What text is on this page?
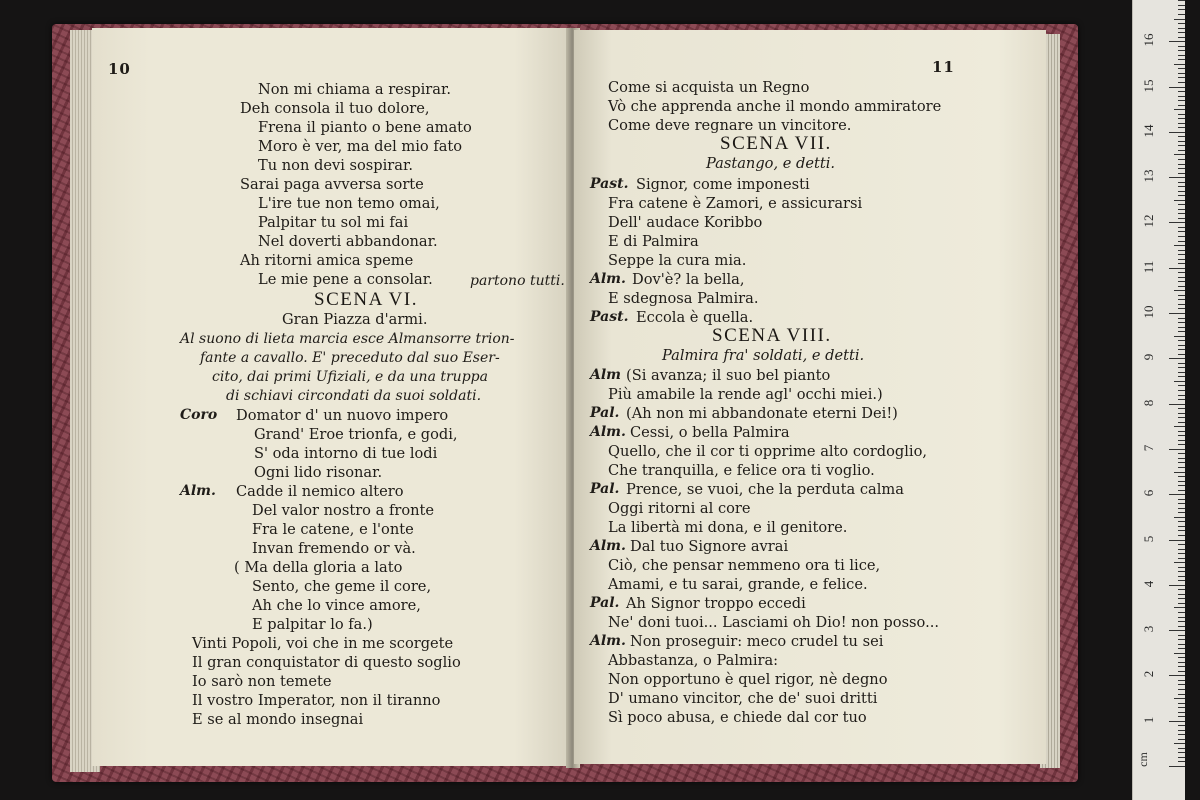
10
Non mi chiama a respirar.
Deh consola il tuo dolore,
Frena il pianto o bene amato
Moro è ver, ma del mio fato
Tu non devi sospirar.
Sarai paga avversa sorte
L'ire tue non temo omai,
Palpitar tu sol mi fai
Nel doverti abbandonar.
Ah ritorni amica speme
Le mie pene a consolar.	partono tutti.
SCENA VI.
Gran Piazza d'armi.
Al suono di lieta marcia esce Almansorre trion-
fante a cavallo. E' preceduto dal suo Eser-
cito, dai primi Ufiziali, e da una truppa
di schiavi circondati da suoi soldati.
Coro Domator d' un nuovo impero
Grand' Eroe trionfa, e godi,
S' oda intorno di tue lodi
Ogni lido risonar.
Alm. Cadde il nemico altero
Del valor nostro a fronte
Fra le catene, e l'onte
Invan fremendo or và.
( Ma della gloria a lato
Sento, che geme il core,
Ah che lo vince amore,
E palpitar lo fa.)
Vinti Popoli, voi che in me scorgete
Il gran conquistator di questo soglio
Io sarò non temete
Il vostro Imperator, non il tiranno
E se al mondo insegnai
11
Come si acquista un Regno
Vò che apprenda anche il mondo ammiratore
Come deve regnare un vincitore.
SCENA VII.
Pastango, e detti.
Past. Signor, come imponesti
Fra catene è Zamori, e assicurarsi
Dell' audace Koribbo
E di Palmira
Seppe la cura mia.
Alm. Dov'è? la bella,
E sdegnosa Palmira.
Past. Eccola è quella.
SCENA VIII.
Palmira fra' soldati, e detti.
Alm (Si avanza; il suo bel pianto
Più amabile la rende agl' occhi miei.)
Pal. (Ah non mi abbandonate eterni Dei!)
Alm. Cessi, o bella Palmira
Quello, che il cor ti opprime alto cordoglio,
Che tranquilla, e felice ora ti voglio.
Pal. Prence, se vuoi, che la perduta calma
Oggi ritorni al core
La libertà mi dona, e il genitore.
Alm. Dal tuo Signore avrai
Ciò, che pensar nemmeno ora ti lice,
Amami, e tu sarai, grande, e felice.
Pal. Ah Signor troppo eccedi
Ne' doni tuoi... Lasciami oh Dio! non posso...
Alm. Non proseguir: meco crudel tu sei
Abbastanza, o Palmira:
Non opportuno è quel rigor, nè degno
D' umano vincitor, che de' suoi dritti
Sì poco abusa, e chiede dal cor tuo
cm
1
2
3
4
5
6
7
8
9
10
11
12
13
14
15
16
